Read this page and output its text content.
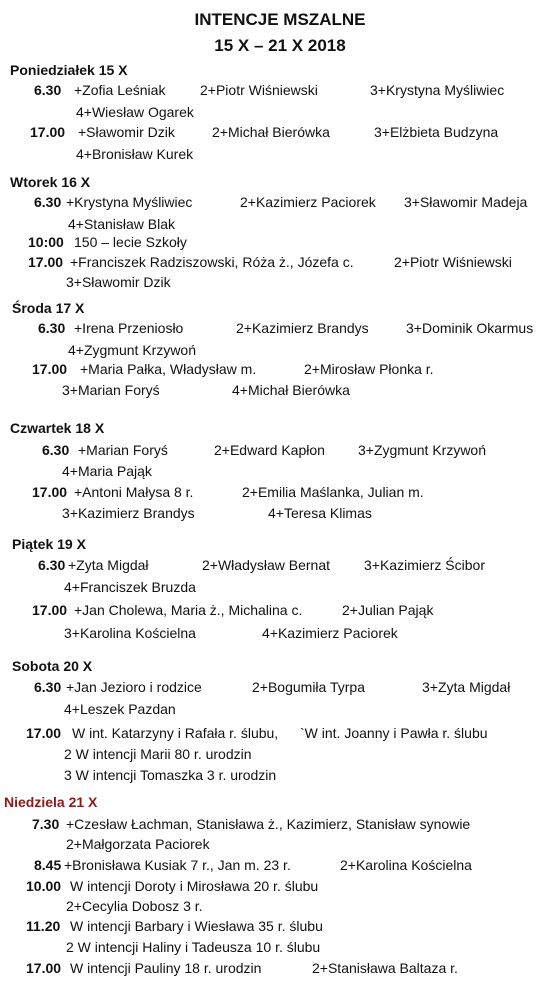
INTENCJE MSZALNE
15 X – 21 X 2018
Poniedziałek 15 X
6.30 +Zofia Leśniak 2+Piotr Wiśniewski	3+Krystyna Myśliwiec
4+Wiesław Ogarek
17.00 +Sławomir Dzik	2+Michał Bierówka	3+Elżbieta Budzyna
4+Bronisław Kurek
Wtorek 16 X
6.30 +Krystyna Myśliwiec	2+Kazimierz Paciorek 3+Sławomir Madeja
4+Stanisław Blak
10:00 150 – lecie Szkoły
17.00 +Franciszek Radziszowski, Róża ż., Józefa c.	2+Piotr Wiśniewski
3+Sławomir Dzik
Środa 17 X
6.30 +Irena Przeniosło	2+Kazimierz Brandys	3+Dominik Okarmus
4+Zygmunt Krzywoń
17.00 +Maria Pałka, Władysław m.	2+Mirosław Płonka r.
3+Marian Foryś	4+Michał Bierówka
Czwartek 18 X
6.30 +Marian Foryś	2+Edward Kapłon 3+Zygmunt Krzywoń
4+Maria Pająk
17.00 +Antoni Małysa 8 r.	2+Emilia Maślanka, Julian m.
3+Kazimierz Brandys	4+Teresa Klimas
Piątek 19 X
6.30 +Zyta Migdał	2+Władysław Bernat 3+Kazimierz Ścibor
4+Franciszek Bruzda
17.00 +Jan Cholewa, Maria ż., Michalina c.	2+Julian Pająk
3+Karolina Kościelna	4+Kazimierz Paciorek
Sobota 20 X
6.30 +Jan Jezioro i rodzice	2+Bogumiła Tyrpa	3+Zyta Migdał
4+Leszek Pazdan
17.00 W int. Katarzyny i Rafała r. ślubu, `W int. Joanny i Pawła r. ślubu
2 W intencji Marii 80 r. urodzin
3 W intencji Tomaszka 3 r. urodzin
Niedziela 21 X
7.30 +Czesław Łachman, Stanisława ż., Kazimierz, Stanisław synowie
2+Małgorzata Paciorek
8.45 +Bronisława Kusiak 7 r., Jan m. 23 r.	2+Karolina Kościelna
10.00 W intencji Doroty i Mirosława 20 r. ślubu
2+Cecylia Dobosz 3 r.
11.20 W intencji Barbary i Wiesława 35 r. ślubu
2 W intencji Haliny i Tadeusza 10 r. ślubu
17.00 W intencji Pauliny 18 r. urodzin	2+Stanisława Baltaza r.
